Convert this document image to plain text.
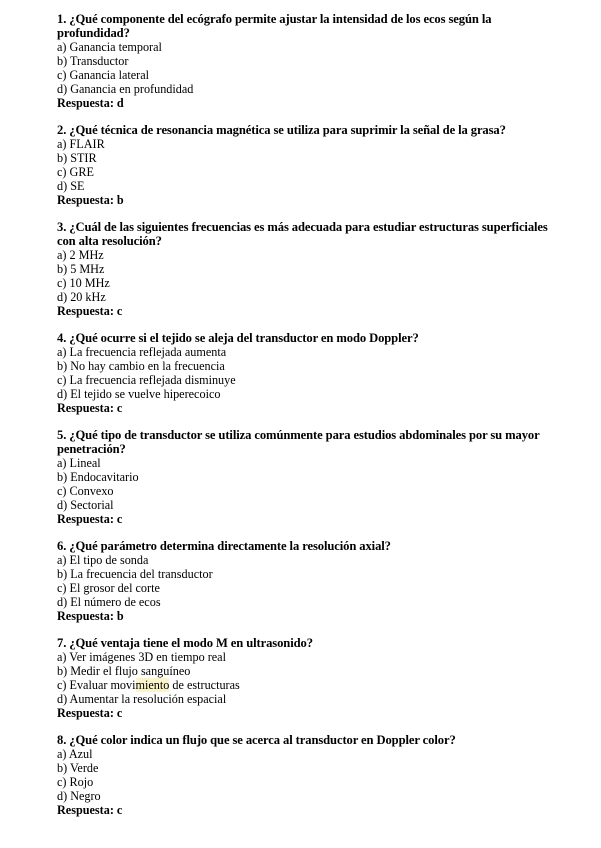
1. ¿Qué componente del ecógrafo permite ajustar la intensidad de los ecos según la profundidad?
a) Ganancia temporal
b) Transductor
c) Ganancia lateral
d) Ganancia en profundidad
Respuesta: d
2. ¿Qué técnica de resonancia magnética se utiliza para suprimir la señal de la grasa?
a) FLAIR
b) STIR
c) GRE
d) SE
Respuesta: b
3. ¿Cuál de las siguientes frecuencias es más adecuada para estudiar estructuras superficiales con alta resolución?
a) 2 MHz
b) 5 MHz
c) 10 MHz
d) 20 kHz
Respuesta: c
4. ¿Qué ocurre si el tejido se aleja del transductor en modo Doppler?
a) La frecuencia reflejada aumenta
b) No hay cambio en la frecuencia
c) La frecuencia reflejada disminuye
d) El tejido se vuelve hiperecoico
Respuesta: c
5. ¿Qué tipo de transductor se utiliza comúnmente para estudios abdominales por su mayor penetración?
a) Lineal
b) Endocavitario
c) Convexo
d) Sectorial
Respuesta: c
6. ¿Qué parámetro determina directamente la resolución axial?
a) El tipo de sonda
b) La frecuencia del transductor
c) El grosor del corte
d) El número de ecos
Respuesta: b
7. ¿Qué ventaja tiene el modo M en ultrasonido?
a) Ver imágenes 3D en tiempo real
b) Medir el flujo sanguíneo
c) Evaluar movimiento de estructuras
d) Aumentar la resolución espacial
Respuesta: c
8. ¿Qué color indica un flujo que se acerca al transductor en Doppler color?
a) Azul
b) Verde
c) Rojo
d) Negro
Respuesta: c
